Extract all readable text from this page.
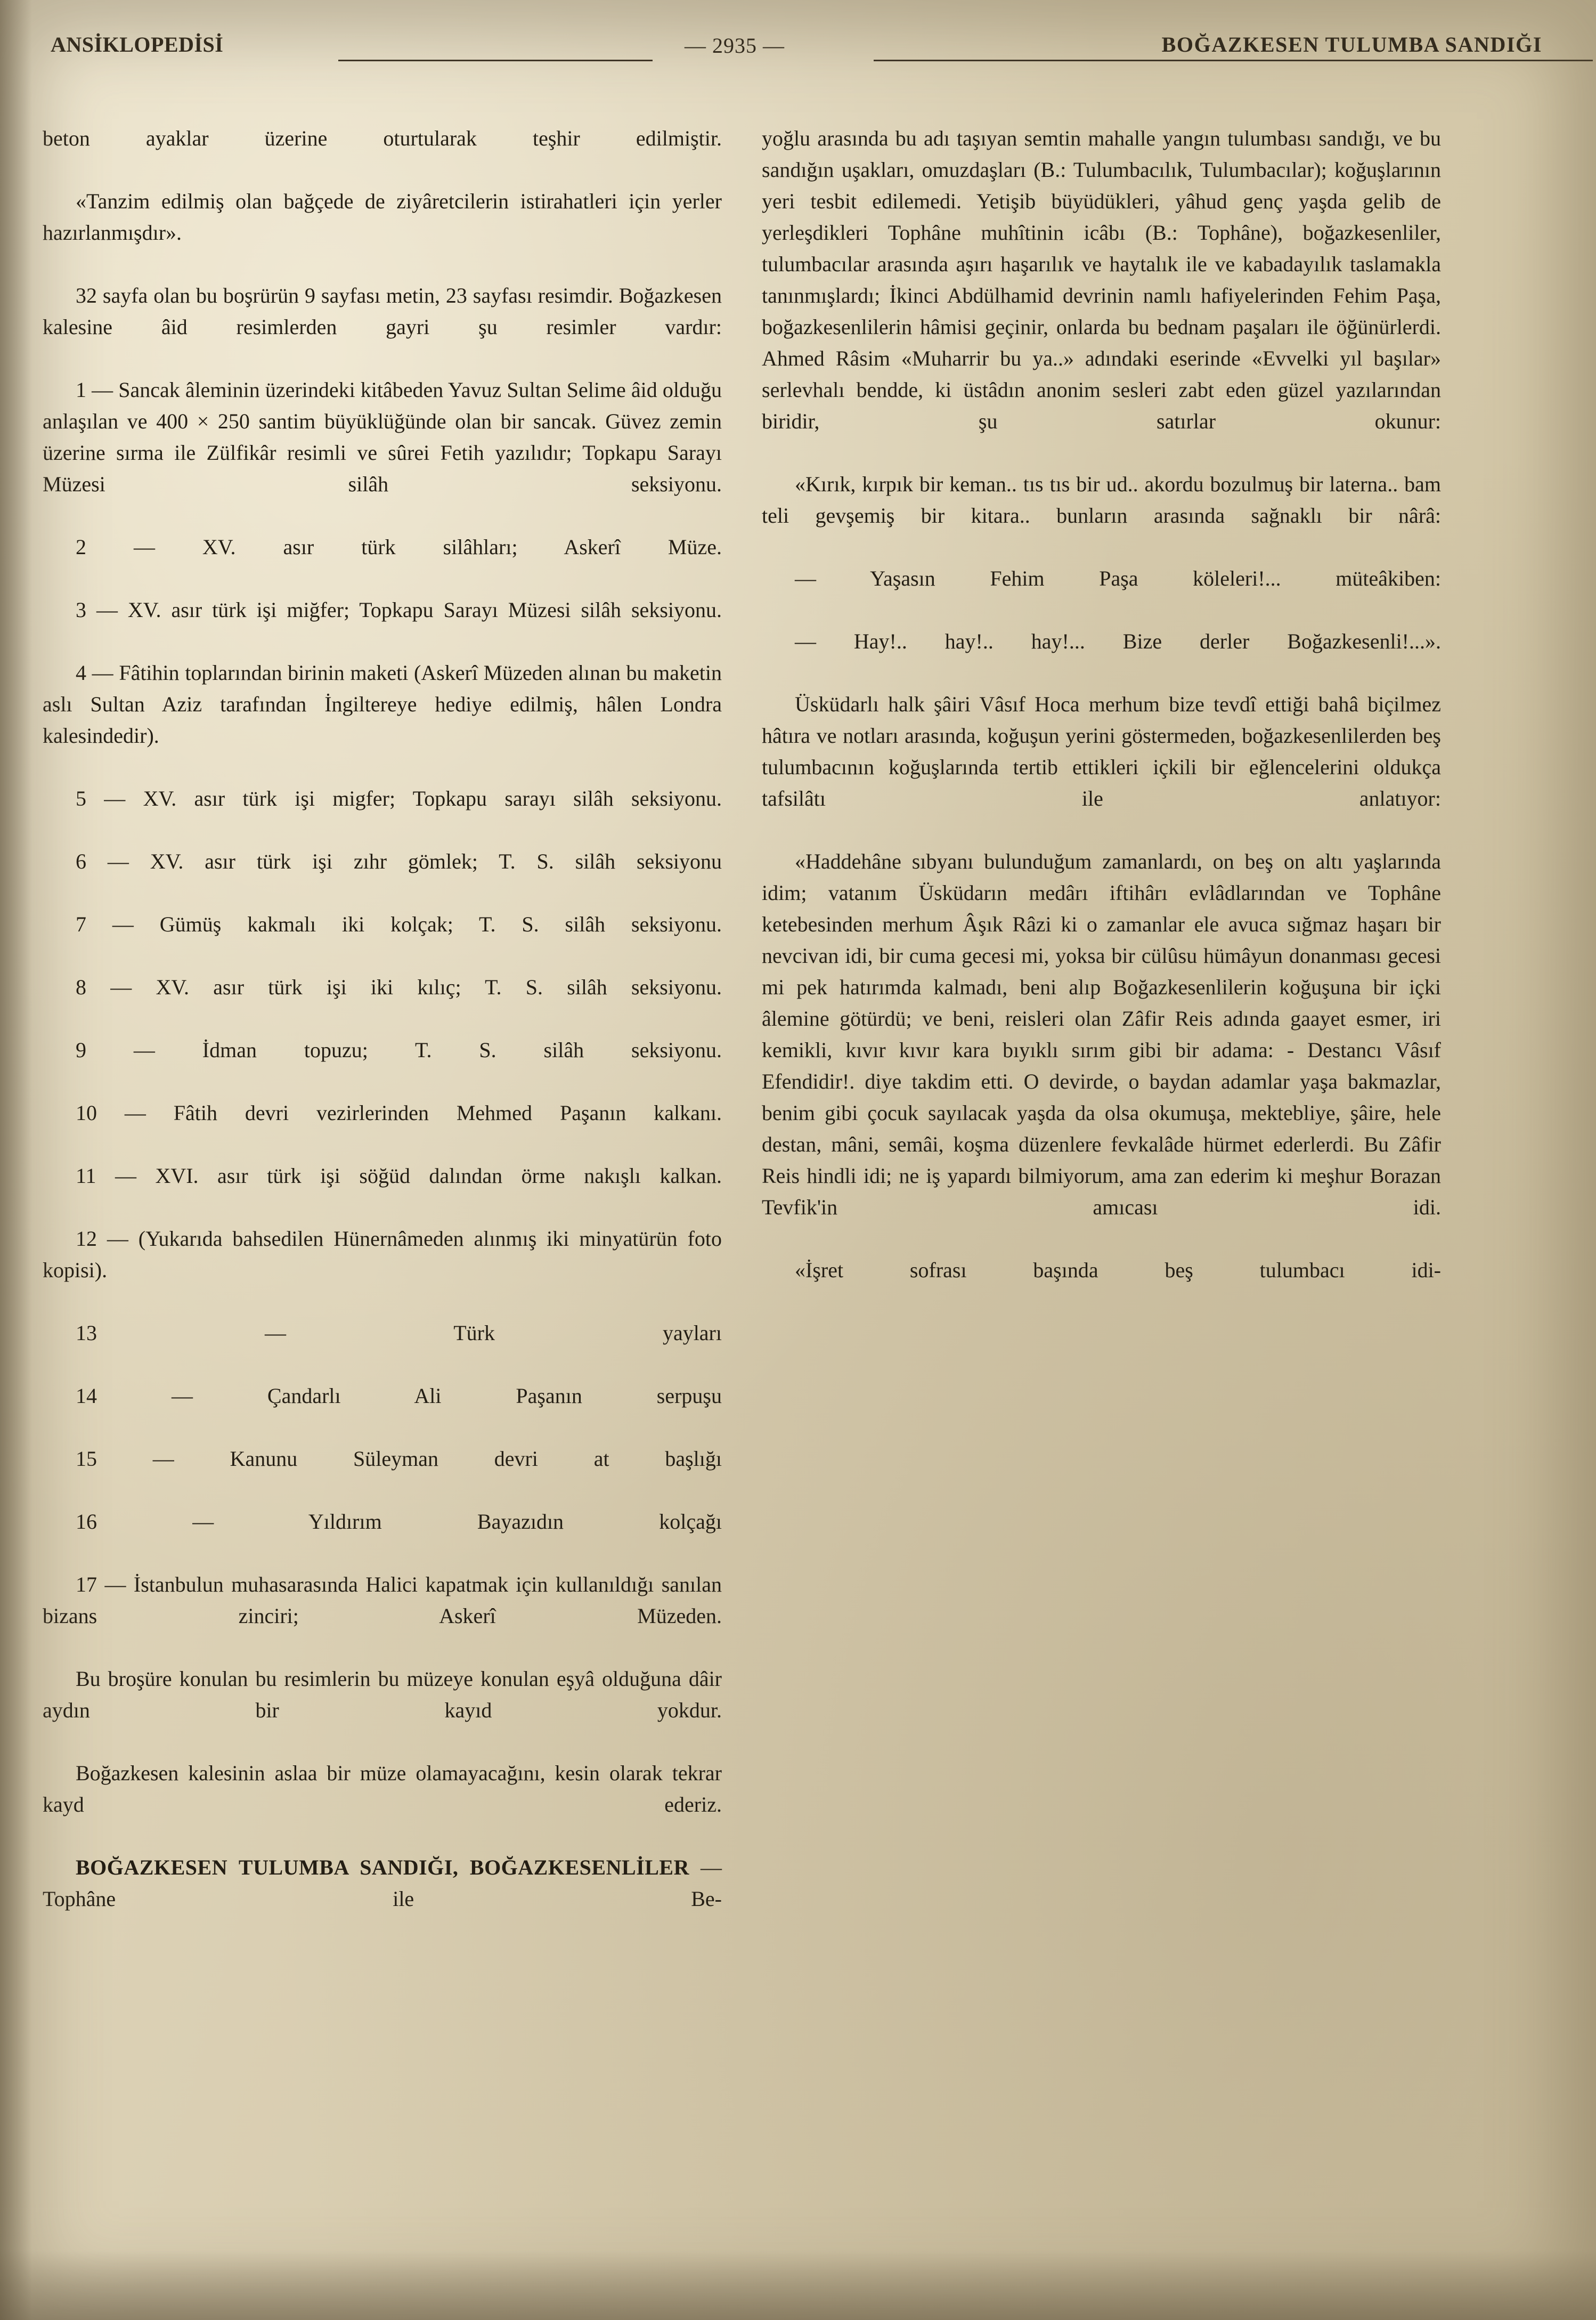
ANSİKLOPEDİSİ	— 2935 —	BOĞAZKESEN TULUMBA SANDIĞI

beton ayaklar üzerine oturtularak teşhir edilmiştir.

«Tanzim edilmiş olan bağçede de ziyâretcilerin istirahatleri için yerler hazırlanmışdır».

32 sayfa olan bu boşrürün 9 sayfası metin, 23 sayfası resimdir. Boğazkesen kalesine âid resimlerden gayri şu resimler vardır:

1 — Sancak âleminin üzerindeki kitâbeden Yavuz Sultan Selime âid olduğu anlaşılan ve 400 × 250 santim büyüklüğünde olan bir sancak. Güvez zemin üzerine sırma ile Zülfikâr resimli ve sûrei Fetih yazılıdır; Topkapu Sarayı Müzesi silâh seksiyonu.

2 — XV. asır türk silâhları; Askerî Müze.

3 — XV. asır türk işi miğfer; Topkapu Sarayı Müzesi silâh seksiyonu.

4 — Fâtihin toplarından birinin maketi (Askerî Müzeden alınan bu maketin aslı Sultan Aziz tarafından İngiltereye hediye edilmiş, hâlen Londra kalesindedir).

5 — XV. asır türk işi migfer; Topkapu sarayı silâh seksiyonu.

6 — XV. asır türk işi zıhr gömlek; T. S. silâh seksiyonu

7 — Gümüş kakmalı iki kolçak; T. S. silâh seksiyonu.

8 — XV. asır türk işi iki kılıç; T. S. silâh seksiyonu.

9 — İdman topuzu; T. S. silâh seksiyonu.

10 — Fâtih devri vezirlerinden Mehmed Paşanın kalkanı.

11 — XVI. asır türk işi söğüd dalından örme nakışlı kalkan.

12 — (Yukarıda bahsedilen Hünernâmeden alınmış iki minyatürün foto kopisi).

13 — Türk yayları

14 — Çandarlı Ali Paşanın serpuşu

15 — Kanunu Süleyman devri at başlığı

16 — Yıldırım Bayazıdın kolçağı

17 — İstanbulun muhasarasında Halici kapatmak için kullanıldığı sanılan bizans zinciri; Askerî Müzeden.

Bu broşüre konulan bu resimlerin bu müzeye konulan eşyâ olduğuna dâir aydın bir kayıd yokdur.

Boğazkesen kalesinin aslaa bir müze olamayacağını, kesin olarak tekrar kayd ederiz.

BOĞAZKESEN TULUMBA SANDIĞI, BOĞAZKESENLİLER — Tophâne ile Be-

yoğlu arasında bu adı taşıyan semtin mahalle yangın tulumbası sandığı, ve bu sandığın uşakları, omuzdaşları (B.: Tulumbacılık, Tulumbacılar); koğuşlarının yeri tesbit edilemedi. Yetişib büyüdükleri, yâhud genç yaşda gelib de yerleşdikleri Tophâne muhîtinin icâbı (B.: Tophâne), boğazkesenliler, tulumbacılar arasında aşırı haşarılık ve haytalık ile ve kabadayılık taslamakla tanınmışlardı; İkinci Abdülhamid devrinin namlı hafiyelerinden Fehim Paşa, boğazkesenlilerin hâmisi geçinir, onlarda bu bednam paşaları ile öğünürlerdi. Ahmed Râsim «Muharrir bu ya..» adındaki eserinde «Evvelki yıl başılar» serlevhalı bendde, ki üstâdın anonim sesleri zabt eden güzel yazılarından biridir, şu satırlar okunur:

«Kırık, kırpık bir keman.. tıs tıs bir ud.. akordu bozulmuş bir laterna.. bam teli gevşemiş bir kitara.. bunların arasında sağnaklı bir nârâ:

— Yaşasın Fehim Paşa köleleri!... müteâkiben:

— Hay!.. hay!.. hay!... Bize derler Boğazkesenli!...».

Üsküdarlı halk şâiri Vâsıf Hoca merhum bize tevdî ettiği bahâ biçilmez hâtıra ve notları arasında, koğuşun yerini göstermeden, boğazkesenlilerden beş tulumbacının koğuşlarında tertib ettikleri içkili bir eğlencelerini oldukça tafsilâtı ile anlatıyor:

«Haddehâne sıbyanı bulunduğum zamanlardı, on beş on altı yaşlarında idim; vatanım Üsküdarın medârı iftihârı evlâdlarından ve Tophâne ketebesinden merhum Âşık Râzi ki o zamanlar ele avuca sığmaz haşarı bir nevcivan idi, bir cuma gecesi mi, yoksa bir cülûsu hümâyun donanması gecesi mi pek hatırımda kalmadı, beni alıp Boğazkesenlilerin koğuşuna bir içki âlemine götürdü; ve beni, reisleri olan Zâfir Reis adında gaayet esmer, iri kemikli, kıvır kıvır kara bıyıklı sırım gibi bir adama: - Destancı Vâsıf Efendidir!. diye takdim etti. O devirde, o baydan adamlar yaşa bakmazlar, benim gibi çocuk sayılacak yaşda da olsa okumuşa, mektebliye, şâire, hele destan, mâni, semâi, koşma düzenlere fevkalâde hürmet ederlerdi. Bu Zâfir Reis hindli idi; ne iş yapardı bilmiyorum, ama zan ederim ki meşhur Borazan Tevfik'in amıcası idi.

«İşret sofrası başında beş tulumbacı idi-
